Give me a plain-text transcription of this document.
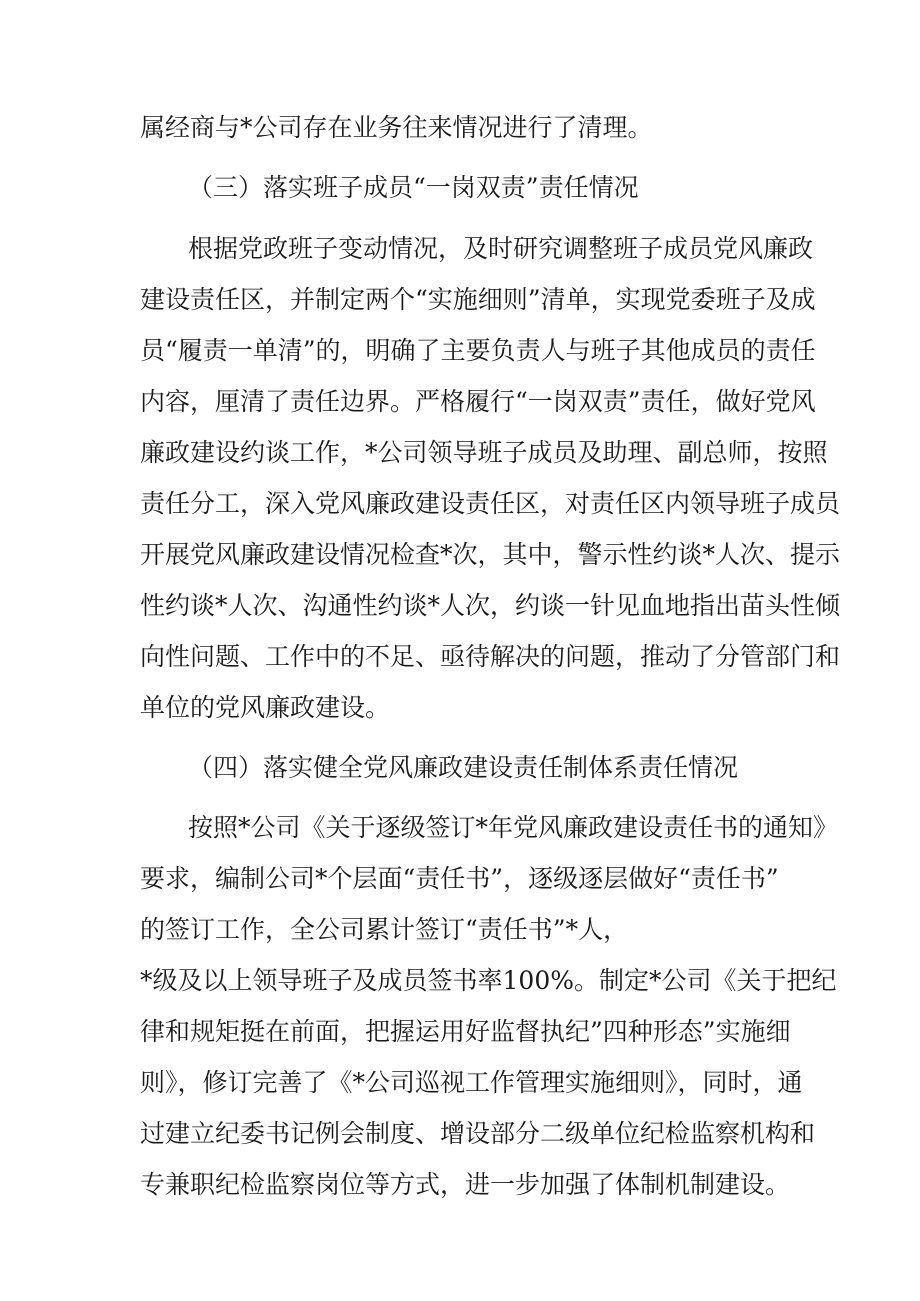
属经商与*公司存在业务往来情况进行了清理。
（三）落实班子成员“一岗双责”责任情况
根据党政班子变动情况，及时研究调整班子成员党风廉政
建设责任区，并制定两个“实施细则”清单，实现党委班子及成
员“履责一单清”的，明确了主要负责人与班子其他成员的责任
内容，厘清了责任边界。严格履行“一岗双责”责任，做好党风
廉政建设约谈工作，*公司领导班子成员及助理、副总师，按照
责任分工，深入党风廉政建设责任区，对责任区内领导班子成员
开展党风廉政建设情况检查*次，其中，警示性约谈*人次、提示
性约谈*人次、沟通性约谈*人次，约谈一针见血地指出苗头性倾
向性问题、工作中的不足、亟待解决的问题，推动了分管部门和
单位的党风廉政建设。
（四）落实健全党风廉政建设责任制体系责任情况
按照*公司《关于逐级签订*年党风廉政建设责任书的通知》
要求，编制公司*个层面“责任书”，逐级逐层做好“责任书”
的签订工作，全公司累计签订“责任书”*人，
*级及以上领导班子及成员签书率100%。制定*公司《关于把纪
律和规矩挺在前面，把握运用好监督执纪”四种形态”实施细
则》，修订完善了《*公司巡视工作管理实施细则》，同时，通
过建立纪委书记例会制度、增设部分二级单位纪检监察机构和
专兼职纪检监察岗位等方式，进一步加强了体制机制建设。
